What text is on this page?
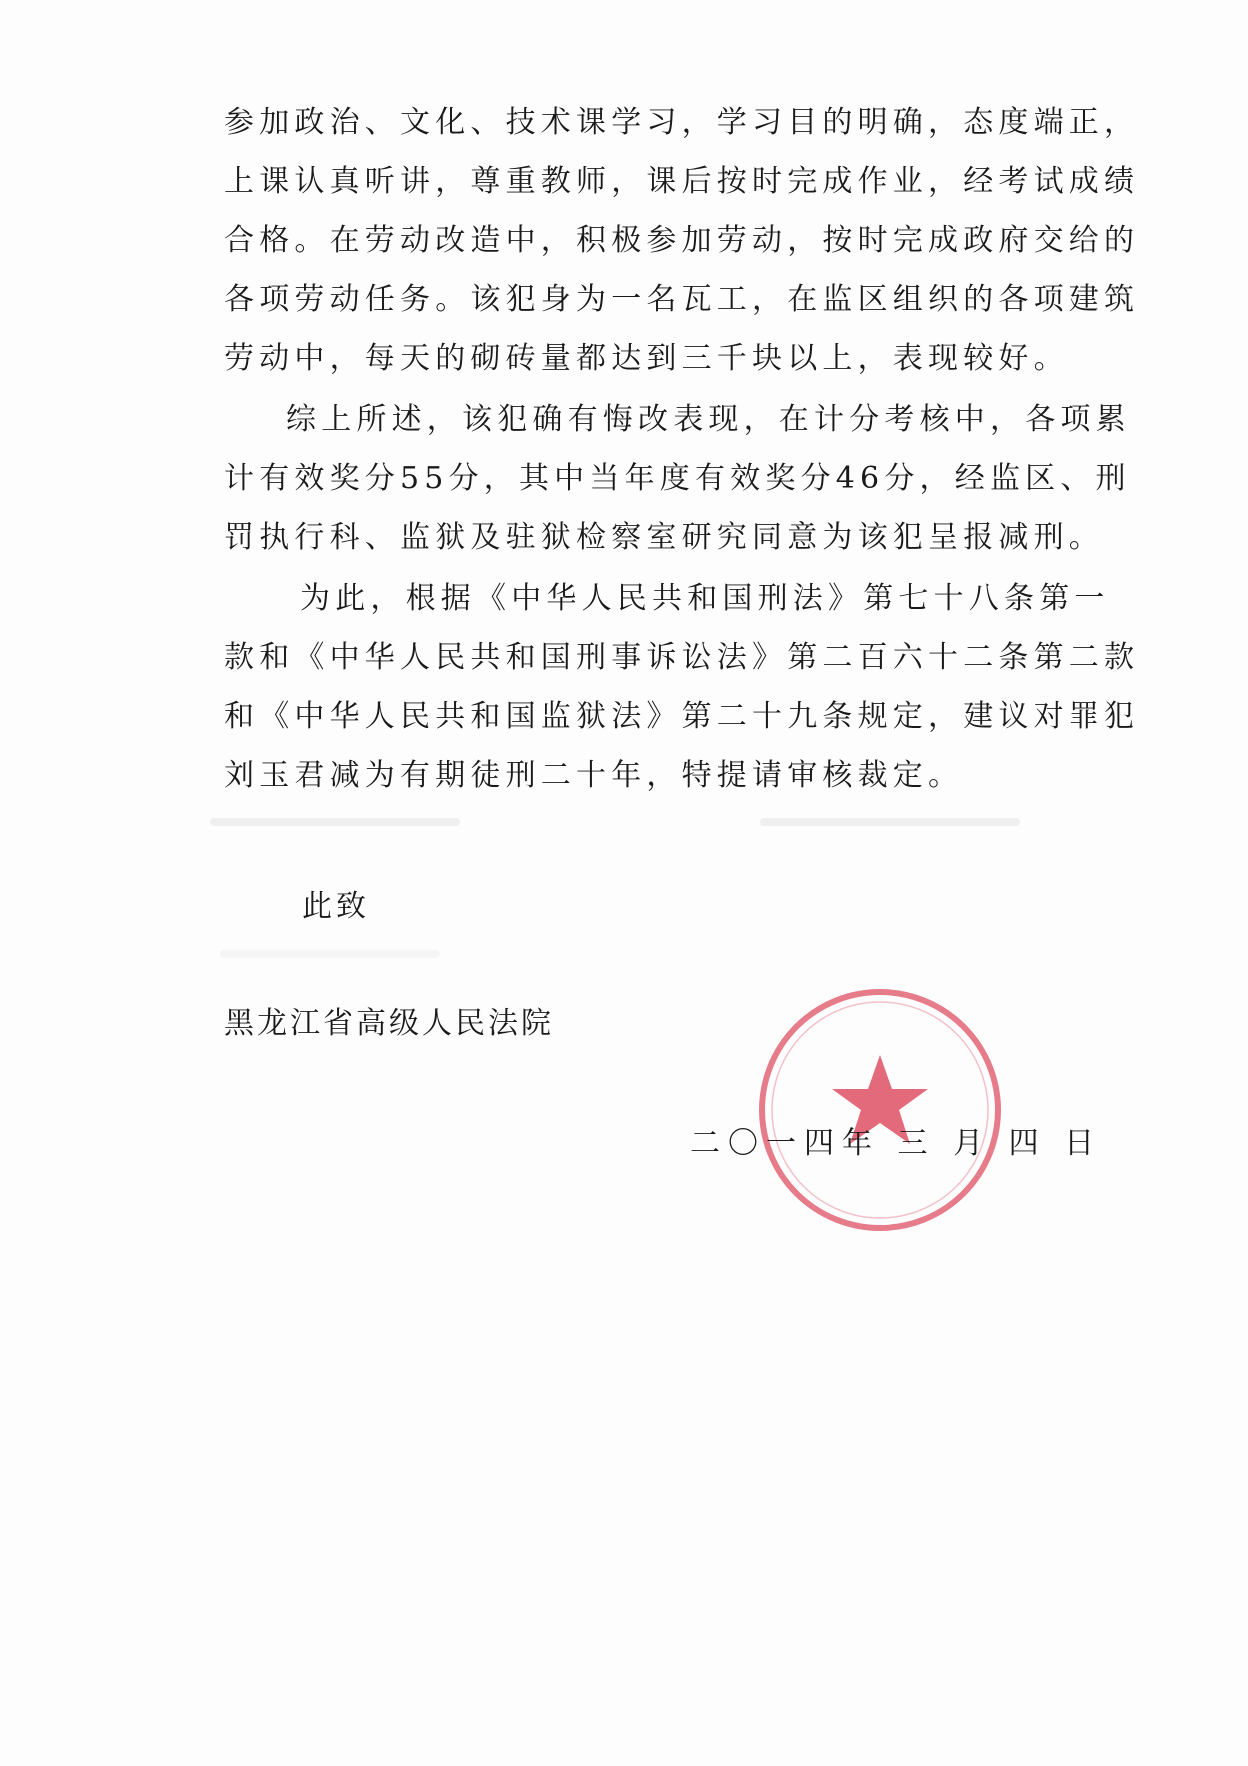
参加政治、文化、技术课学习，学习目的明确，态度端正，
上课认真听讲，尊重教师，课后按时完成作业，经考试成绩
合格。在劳动改造中，积极参加劳动，按时完成政府交给的
各项劳动任务。该犯身为一名瓦工，在监区组织的各项建筑
劳动中，每天的砌砖量都达到三千块以上，表现较好。
综上所述，该犯确有悔改表现，在计分考核中，各项累
计有效奖分55分，其中当年度有效奖分46分，经监区、刑
罚执行科、监狱及驻狱检察室研究同意为该犯呈报减刑。
为此，根据《中华人民共和国刑法》第七十八条第一
款和《中华人民共和国刑事诉讼法》第二百六十二条第二款
和《中华人民共和国监狱法》第二十九条规定，建议对罪犯
刘玉君减为有期徒刑二十年，特提请审核裁定。
此致
黑龙江省高级人民法院
二〇一四年 三 月 四 日
